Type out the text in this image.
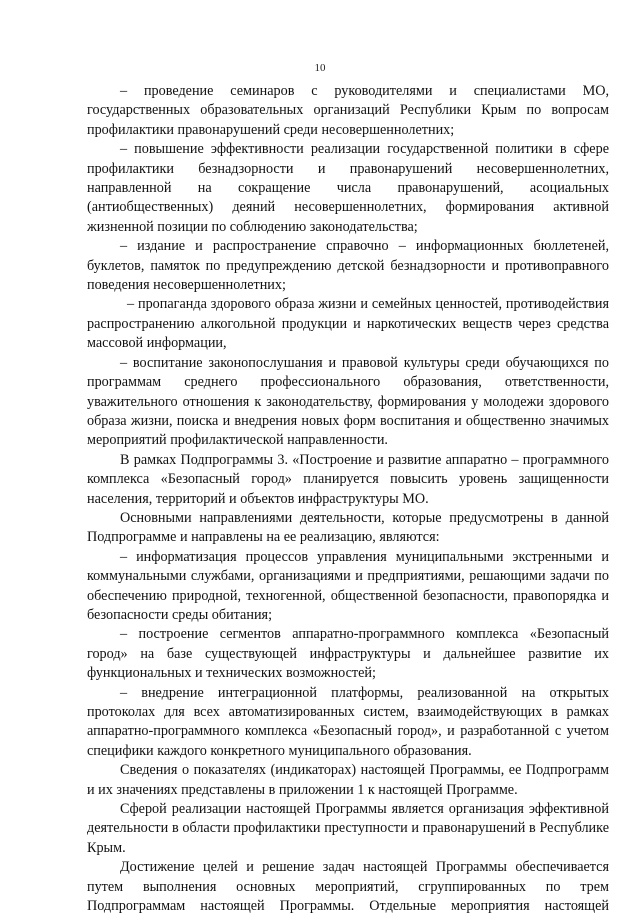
10

– проведение семинаров с руководителями и специалистами МО, государственных образовательных организаций Республики Крым по вопросам профилактики правонарушений среди несовершеннолетних;

– повышение эффективности реализации государственной политики в сфере профилактики безнадзорности и правонарушений несовершеннолетних, направленной на сокращение числа правонарушений, асоциальных (антиобщественных) деяний несовершеннолетних, формирования активной жизненной позиции по соблюдению законодательства;

– издание и распространение справочно – информационных бюллетеней, буклетов, памяток по предупреждению детской безнадзорности и противоправного поведения несовершеннолетних;

– пропаганда здорового образа жизни и семейных ценностей, противодействия распространению алкогольной продукции и наркотических веществ через средства массовой информации,

– воспитание законопослушания и правовой культуры среди обучающихся по программам среднего профессионального образования, ответственности, уважительного отношения к законодательству, формирования у молодежи здорового образа жизни, поиска и внедрения новых форм воспитания и общественно значимых мероприятий профилактической направленности.

В рамках Подпрограммы 3. «Построение и развитие аппаратно – программного комплекса «Безопасный город» планируется повысить уровень защищенности населения, территорий и объектов инфраструктуры МО.

Основными направлениями деятельности, которые предусмотрены в данной Подпрограмме и направлены на ее реализацию, являются:

– информатизация процессов управления муниципальными экстренными и коммунальными службами, организациями и предприятиями, решающими задачи по обеспечению природной, техногенной, общественной безопасности, правопорядка и безопасности среды обитания;

– построение сегментов аппаратно-программного комплекса «Безопасный город» на базе существующей инфраструктуры и дальнейшее развитие их функциональных и технических возможностей;

– внедрение интеграционной платформы, реализованной на открытых протоколах для всех автоматизированных систем, взаимодействующих в рамках аппаратно-программного комплекса «Безопасный город», и разработанной с учетом специфики каждого конкретного муниципального образования.

Сведения о показателях (индикаторах) настоящей Программы, ее Подпрограмм и их значениях представлены в приложении 1 к настоящей Программе.

Сферой реализации настоящей Программы является организация эффективной деятельности в области профилактики преступности и правонарушений в Республике Крым.

Достижение целей и решение задач настоящей Программы обеспечивается путем выполнения основных мероприятий, сгруппированных по трем Подпрограммам настоящей Программы. Отдельные мероприятия настоящей
